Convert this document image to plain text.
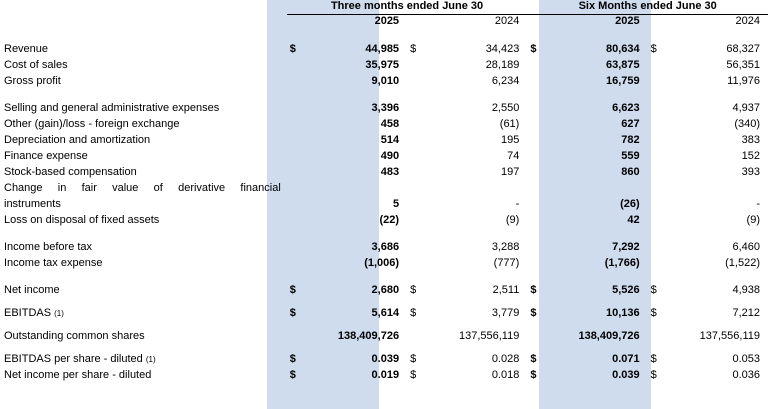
	Three months ended June 30				Six Months ended June 30			
		2025		2024		2025		2024

Revenue	$	44,985	$	34,423	$	80,634	$	68,327
Cost of sales		35,975		28,189		63,875		56,351
Gross profit		9,010		6,234		16,759		11,976

Selling and general administrative expenses		3,396		2,550		6,623		4,937
Other (gain)/loss - foreign exchange		458		(61)		627		(340)
Depreciation and amortization		514		195		782		383
Finance expense		490		74		559		152
Stock-based compensation		483		197		860		393
Change in fair value of derivative financial								
instruments		5		-		(26)		-
Loss on disposal of fixed assets		(22)		(9)		42		(9)

Income before tax		3,686		3,288		7,292		6,460
Income tax expense		(1,006)		(777)		(1,766)		(1,522)

Net income	$	2,680	$	2,511	$	5,526	$	4,938

EBITDAS (1)	$	5,614	$	3,779	$	10,136	$	7,212

Outstanding common shares		138,409,726		137,556,119		138,409,726		137,556,119

EBITDAS per share - diluted (1)	$	0.039	$	0.028	$	0.071	$	0.053
Net income per share - diluted	$	0.019	$	0.018	$	0.039	$	0.036
